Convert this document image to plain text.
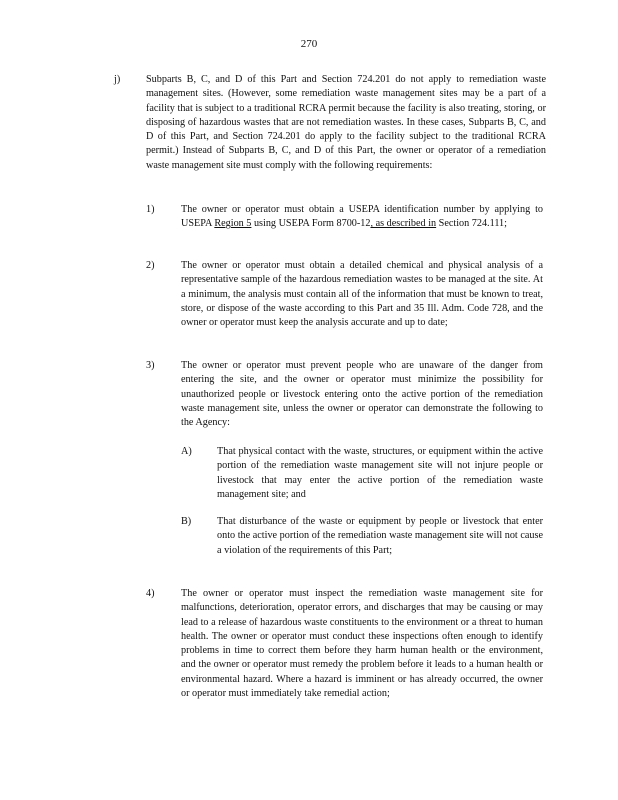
270
j)	Subparts B, C, and D of this Part and Section 724.201 do not apply to remediation waste management sites. (However, some remediation waste management sites may be a part of a facility that is subject to a traditional RCRA permit because the facility is also treating, storing, or disposing of hazardous wastes that are not remediation wastes. In these cases, Subparts B, C, and D of this Part, and Section 724.201 do apply to the facility subject to the traditional RCRA permit.) Instead of Subparts B, C, and D of this Part, the owner or operator of a remediation waste management site must comply with the following requirements:
1)	The owner or operator must obtain a USEPA identification number by applying to USEPA Region 5 using USEPA Form 8700-12, as described in Section 724.111;
2)	The owner or operator must obtain a detailed chemical and physical analysis of a representative sample of the hazardous remediation wastes to be managed at the site. At a minimum, the analysis must contain all of the information that must be known to treat, store, or dispose of the waste according to this Part and 35 Ill. Adm. Code 728, and the owner or operator must keep the analysis accurate and up to date;
3)	The owner or operator must prevent people who are unaware of the danger from entering the site, and the owner or operator must minimize the possibility for unauthorized people or livestock entering onto the active portion of the remediation waste management site, unless the owner or operator can demonstrate the following to the Agency:
A) That physical contact with the waste, structures, or equipment within the active portion of the remediation waste management site will not injure people or livestock that may enter the active portion of the remediation waste management site; and
B)	That disturbance of the waste or equipment by people or livestock that enter onto the active portion of the remediation waste management site will not cause a violation of the requirements of this Part;
4)	The owner or operator must inspect the remediation waste management site for malfunctions, deterioration, operator errors, and discharges that may be causing or may lead to a release of hazardous waste constituents to the environment or a threat to human health. The owner or operator must conduct these inspections often enough to identify problems in time to correct them before they harm human health or the environment, and the owner or operator must remedy the problem before it leads to a human health or environmental hazard. Where a hazard is imminent or has already occurred, the owner or operator must immediately take remedial action;
